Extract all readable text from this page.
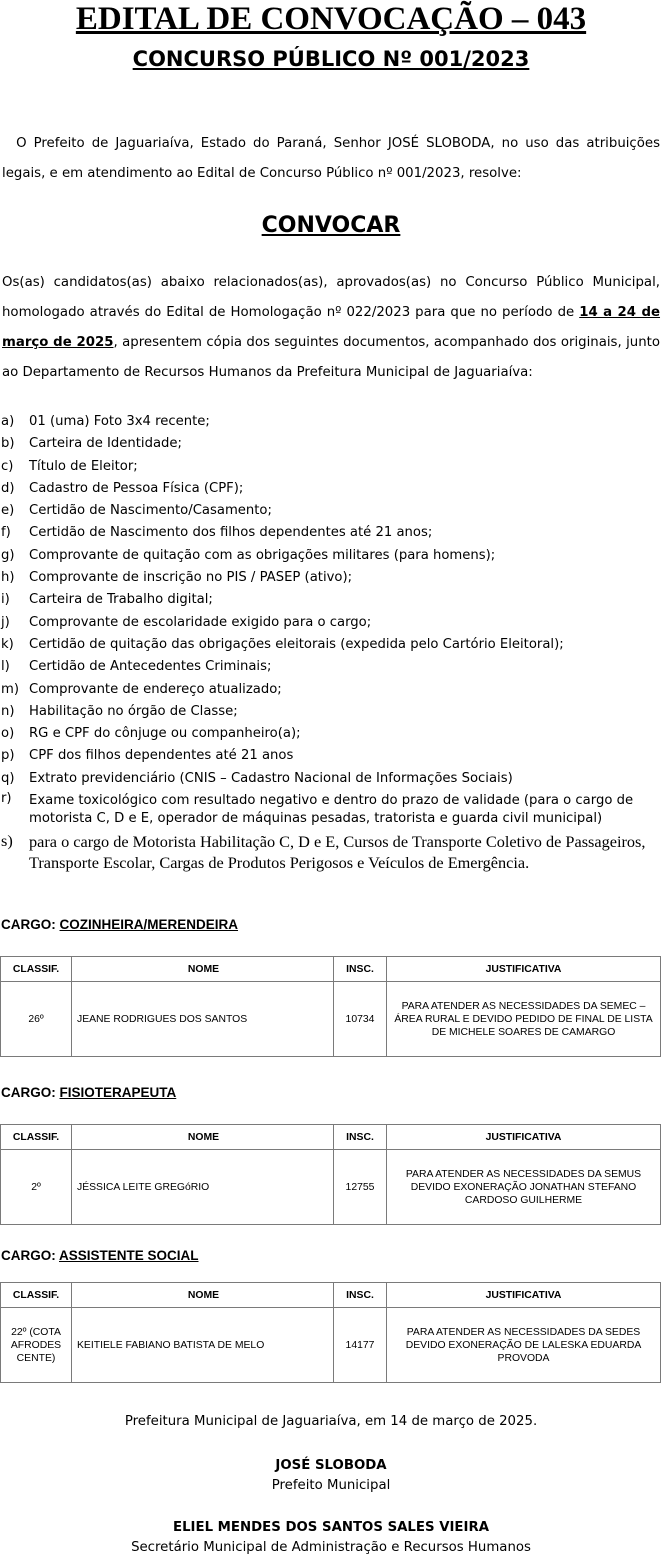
EDITAL DE CONVOCAÇÃO – 043
CONCURSO PÚBLICO Nº 001/2023

O Prefeito de Jaguariaíva, Estado do Paraná, Senhor JOSÉ SLOBODA, no uso das atribuições legais, e em atendimento ao Edital de Concurso Público nº 001/2023, resolve:

CONVOCAR

Os(as) candidatos(as) abaixo relacionados(as), aprovados(as) no Concurso Público Municipal, homologado através do Edital de Homologação nº 022/2023 para que no período de 14 a 24 de março de 2025, apresentem cópia dos seguintes documentos, acompanhado dos originais, junto ao Departamento de Recursos Humanos da Prefeitura Municipal de Jaguariaíva:

a) 01 (uma) Foto 3x4 recente;
b) Carteira de Identidade;
c) Título de Eleitor;
d) Cadastro de Pessoa Física (CPF);
e) Certidão de Nascimento/Casamento;
f) Certidão de Nascimento dos filhos dependentes até 21 anos;
g) Comprovante de quitação com as obrigações militares (para homens);
h) Comprovante de inscrição no PIS / PASEP (ativo);
i) Carteira de Trabalho digital;
j) Comprovante de escolaridade exigido para o cargo;
k) Certidão de quitação das obrigações eleitorais (expedida pelo Cartório Eleitoral);
l) Certidão de Antecedentes Criminais;
m) Comprovante de endereço atualizado;
n) Habilitação no órgão de Classe;
o) RG e CPF do cônjuge ou companheiro(a);
p) CPF dos filhos dependentes até 21 anos
q) Extrato previdenciário (CNIS – Cadastro Nacional de Informações Sociais)
r) Exame toxicológico com resultado negativo e dentro do prazo de validade (para o cargo de motorista C, D e E, operador de máquinas pesadas, tratorista e guarda civil municipal)
s) para o cargo de Motorista Habilitação C, D e E, Cursos de Transporte Coletivo de Passageiros, Transporte Escolar, Cargas de Produtos Perigosos e Veículos de Emergência.

CARGO: COZINHEIRA/MERENDEIRA

CLASSIF.	NOME	INSC.	JUSTIFICATIVA
26º	JEANE RODRIGUES DOS SANTOS	10734	PARA ATENDER AS NECESSIDADES DA SEMEC – ÁREA RURAL E DEVIDO PEDIDO DE FINAL DE LISTA DE MICHELE SOARES DE CAMARGO

CARGO: FISIOTERAPEUTA

CLASSIF.	NOME	INSC.	JUSTIFICATIVA
2º	JÉSSICA LEITE GREGóRIO	12755	PARA ATENDER AS NECESSIDADES DA SEMUS DEVIDO EXONERAÇÃO JONATHAN STEFANO CARDOSO GUILHERME

CARGO: ASSISTENTE SOCIAL

CLASSIF.	NOME	INSC.	JUSTIFICATIVA
22º (COTA AFRODES CENTE)	KEITIELE FABIANO BATISTA DE MELO	14177	PARA ATENDER AS NECESSIDADES DA SEDES DEVIDO EXONERAÇÃO DE LALESKA EDUARDA PROVODA

Prefeitura Municipal de Jaguariaíva, em 14 de março de 2025.

JOSÉ SLOBODA

Prefeito Municipal

ELIEL MENDES DOS SANTOS SALES VIEIRA

Secretário Municipal de Administração e Recursos Humanos
